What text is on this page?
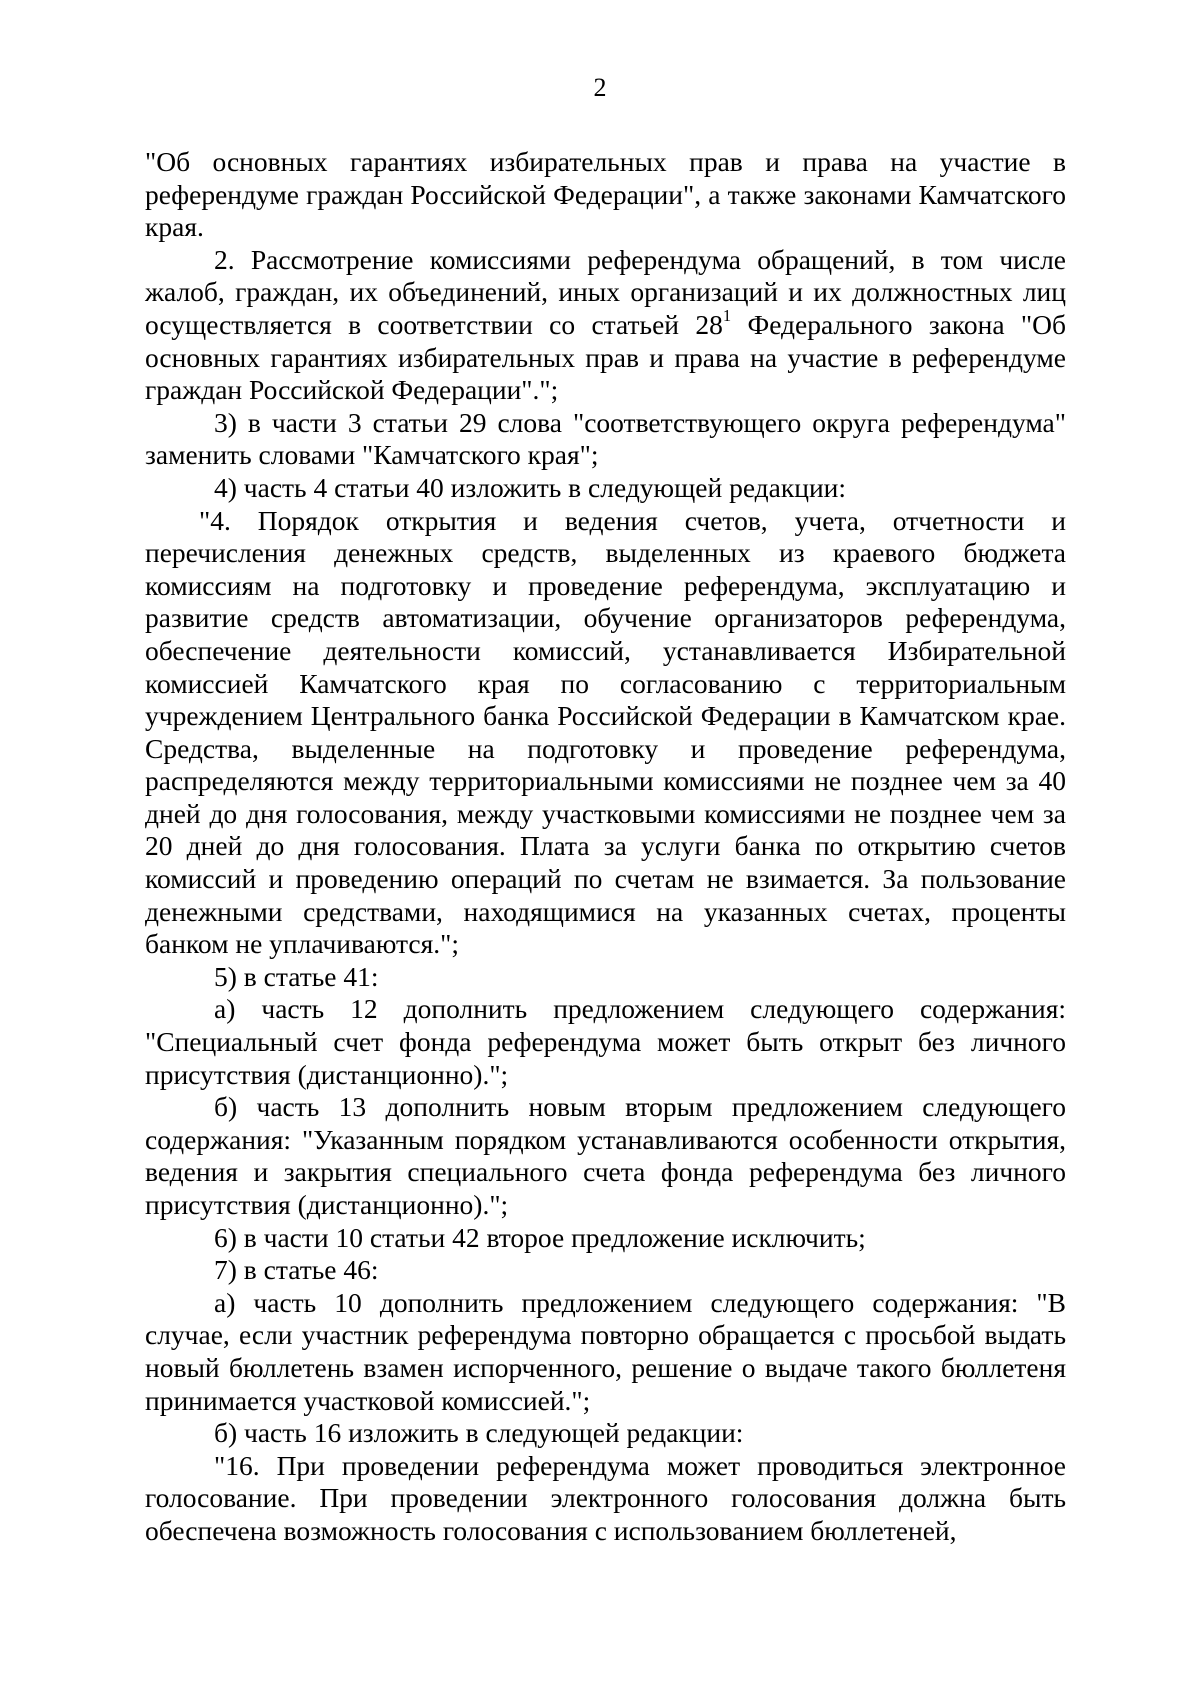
2

"Об основных гарантиях избирательных прав и права на участие в референдуме граждан Российской Федерации", а также законами Камчатского края.

2. Рассмотрение комиссиями референдума обращений, в том числе жалоб, граждан, их объединений, иных организаций и их должностных лиц осуществляется в соответствии со статьей $28^1$ Федерального закона "Об основных гарантиях избирательных прав и права на участие в референдуме граждан Российской Федерации".";

3) в части 3 статьи 29 слова "соответствующего округа референдума" заменить словами "Камчатского края";

4) часть 4 статьи 40 изложить в следующей редакции:

"4. Порядок открытия и ведения счетов, учета, отчетности и перечисления денежных средств, выделенных из краевого бюджета комиссиям на подготовку и проведение референдума, эксплуатацию и развитие средств автоматизации, обучение организаторов референдума, обеспечение деятельности комиссий, устанавливается Избирательной комиссией Камчатского края по согласованию с территориальным учреждением Центрального банка Российской Федерации в Камчатском крае. Средства, выделенные на подготовку и проведение референдума, распределяются между территориальными комиссиями не позднее чем за 40 дней до дня голосования, между участковыми комиссиями не позднее чем за 20 дней до дня голосования. Плата за услуги банка по открытию счетов комиссий и проведению операций по счетам не взимается. За пользование денежными средствами, находящимися на указанных счетах, проценты банком не уплачиваются.";

5) в статье 41:

а) часть 12 дополнить предложением следующего содержания: "Специальный счет фонда референдума может быть открыт без личного присутствия (дистанционно).";

б) часть 13 дополнить новым вторым предложением следующего содержания: "Указанным порядком устанавливаются особенности открытия, ведения и закрытия специального счета фонда референдума без личного присутствия (дистанционно).";

6) в части 10 статьи 42 второе предложение исключить;

7) в статье 46:

а) часть 10 дополнить предложением следующего содержания: "В случае, если участник референдума повторно обращается с просьбой выдать новый бюллетень взамен испорченного, решение о выдаче такого бюллетеня принимается участковой комиссией.";

б) часть 16 изложить в следующей редакции:

"16. При проведении референдума может проводиться электронное голосование. При проведении электронного голосования должна быть обеспечена возможность голосования с использованием бюллетеней,
